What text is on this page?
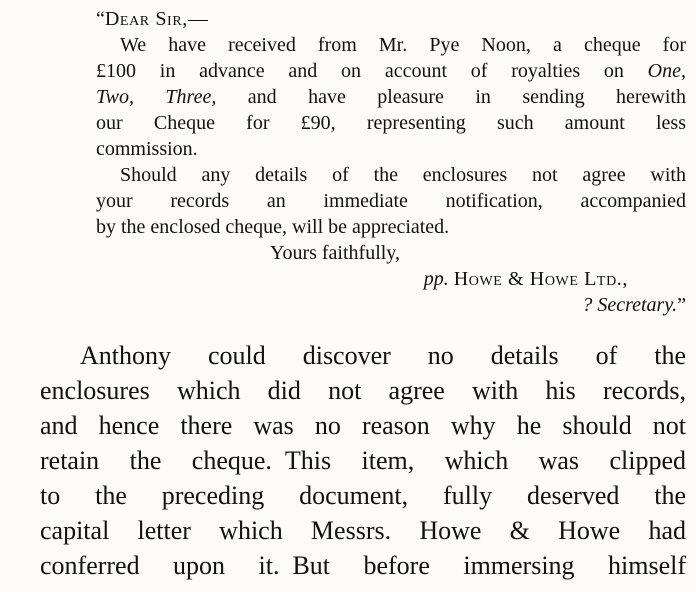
“Dear Sir,—
We have received from Mr. Pye Noon, a cheque for
£100 in advance and on account of royalties on One,
Two, Three, and have pleasure in sending herewith
our Cheque for £90, representing such amount less
commission.
Should any details of the enclosures not agree with
your records an immediate notification, accompanied
by the enclosed cheque, will be appreciated.
Yours faithfully,
pp. Howe & Howe Ltd.,
? Secretary.”
Anthony could discover no details of the
enclosures which did not agree with his records,
and hence there was no reason why he should not
retain the cheque. This item, which was clipped
to the preceding document, fully deserved the
capital letter which Messrs. Howe & Howe had
conferred upon it. But before immersing himself
